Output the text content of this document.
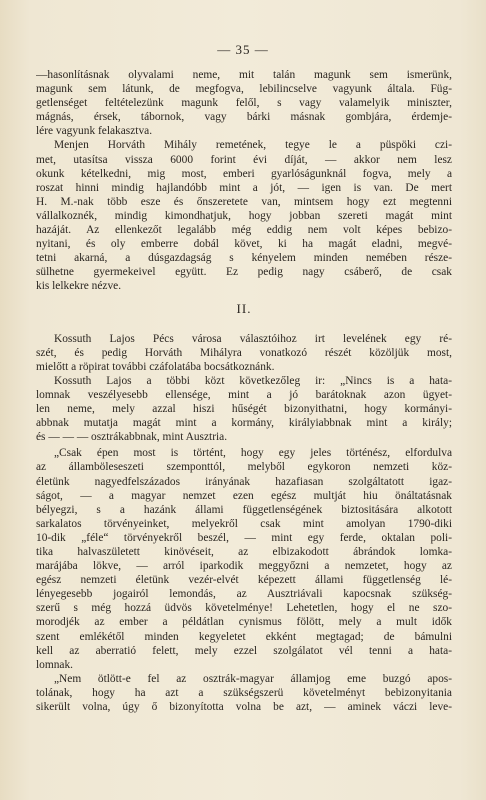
— 35 —
—hasonlításnak olyvalami neme, mit talán magunk sem ismerünk,
magunk sem látunk, de megfogva, lebilincselve vagyunk általa. Füg-
getlenséget feltételezünk magunk felől, s vagy valamelyik miniszter,
mágnás, érsek, tábornok, vagy bárki másnak gombjára, érdemje-
lére vagyunk felakasztva.
Menjen Horváth Mihály remetének, tegye le a püspöki czi-
met, utasítsa vissza 6000 forint évi díját, — akkor nem lesz
okunk kételkedni, mig most, emberi gyarlóságunknál fogva, mely a
roszat hinni mindig hajlandóbb mint a jót, — igen is van. De mert
H. M.-nak több esze és őnszeretete van, mintsem hogy ezt megtenni
vállalkoznék, mindig kimondhatjuk, hogy jobban szereti magát mint
hazáját. Az ellenkezőt legalább még eddig nem volt képes bebizo-
nyitani, és oly emberre dobál követ, ki ha magát eladni, megvé-
tetni akarná, a dúsgazdagság s kényelem minden nemében része-
sülhetne gyermekeivel együtt. Ez pedig nagy csáberő, de csak
kis lelkekre nézve.
II.
Kossuth Lajos Pécs városa választóihoz irt levelének egy ré-
szét, és pedig Horváth Mihályra vonatkozó részét közöljük most,
mielőtt a röpirat további czáfolatába bocsátkoznánk.
Kossuth Lajos a többi közt következőleg ir: „Nincs is a hata-
lomnak veszélyesebb ellensége, mint a jó barátoknak azon ügyet-
len neme, mely azzal hiszi hűségét bizonyithatni, hogy kormányi-
abbnak mutatja magát mint a kormány, királyiabbnak mint a király;
és — — — osztrákabbnak, mint Ausztria.
„Csak épen most is történt, hogy egy jeles történész, elfordulva
az államböleseszeti szemponttól, melyből egykoron nemzeti köz-
életünk nagyedfelszázados irányának hazafiasan szolgáltatott igaz-
ságot, — a magyar nemzet ezen egész multját hiu önáltatásnak
bélyegzi, s a hazánk állami függetlenségének biztositására alkotott
sarkalatos törvényeinket, melyekről csak mint amolyan 1790-diki
10-dik „féle“ törvényekről beszél, — mint egy ferde, oktalan poli-
tika halvaszületett kinövéseit, az elbizakodott ábrándok lomka-
marájába lökve, — arról iparkodik meggyőzni a nemzetet, hogy az
egész nemzeti életünk vezér-elvét képezett állami függetlenség lé-
lényegesebb jogairól lemondás, az Ausztriávali kapocsnak szükség-
szerű s még hozzá üdvös követelménye! Lehetetlen, hogy el ne szo-
morodjék az ember a példátlan cynismus fölött, mely a mult idők
szent emlékétől minden kegyeletet ekként megtagad; de bámulni
kell az aberratió felett, mely ezzel szolgálatot vél tenni a hata-
lomnak.
„Nem ötlött-e fel az osztrák-magyar államjog eme buzgó apos-
tolának, hogy ha azt a szükségszerü követelményt bebizonyitania
sikerült volna, úgy ő bizonyította volna be azt, — aminek váczi leve-
